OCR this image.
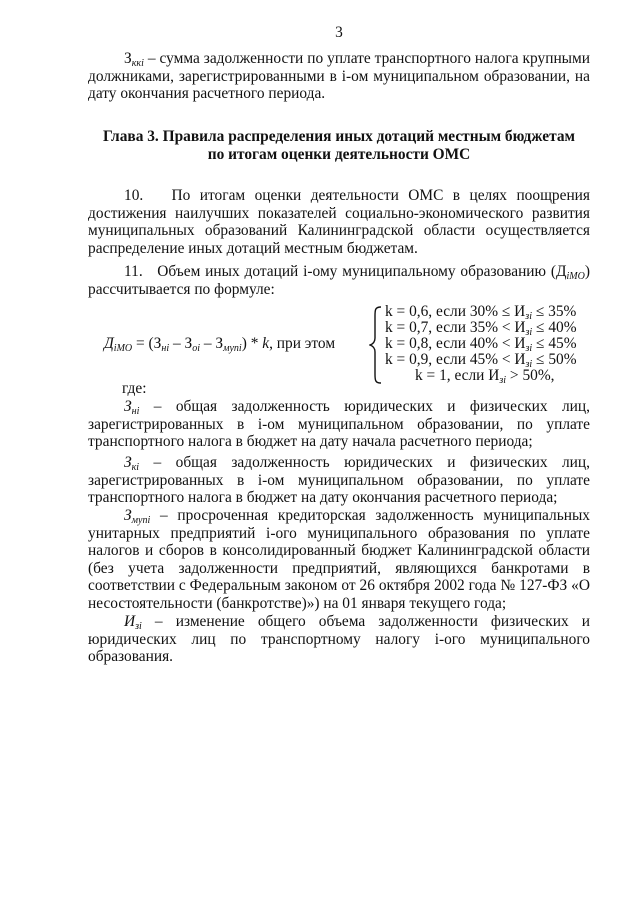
3
$З_{ккі}$ – сумма задолженности по уплате транспортного налога крупными должниками, зарегистрированными в і-ом муниципальном образовании, на дату окончания расчетного периода.
Глава 3. Правила распределения иных дотаций местным бюджетам
по итогам оценки деятельности ОМС
10.   По итогам оценки деятельности ОМС в целях поощрения достижения наилучших показателей социально-экономического развития муниципальных образований Калининградской области осуществляется распределение иных дотаций местным бюджетам.
11.   Объем иных дотаций і-ому муниципальному образованию $(Д_{iМО})$ рассчитывается по формуле:
$Д_{iМО} = (З_{нi} - З_{оi} - З_{мупi}) * k$, при этом
k = 0,6, если $30\% \le И_{зi} \le 35\%$
k = 0,7, если $35\% < И_{зi} \le 40\%$
k = 0,8, если $40\% < И_{зi} \le 45\%$
k = 0,9, если $45\% < И_{зi} \le 50\%$
k = 1, если $И_{зi} > 50\%$,
где:
$З_{нi}$ – общая задолженность юридических и физических лиц, зарегистрированных в і-ом муниципальном образовании, по уплате транспортного налога в бюджет на дату начала расчетного периода;
$З_{кi}$ – общая задолженность юридических и физических лиц, зарегистрированных в і-ом муниципальном образовании, по уплате транспортного налога в бюджет на дату окончания расчетного периода;
$З_{мупi}$ – просроченная кредиторская задолженность муниципальных унитарных предприятий і-ого муниципального образования по уплате налогов и сборов в консолидированный бюджет Калининградской области (без учета задолженности предприятий, являющихся банкротами в соответствии с Федеральным законом от 26 октября 2002 года № 127-ФЗ «О несостоятельности (банкротстве)») на 01 января текущего года;
$И_{зi}$ – изменение общего объема задолженности физических и юридических лиц по транспортному налогу і-ого муниципального образования.
